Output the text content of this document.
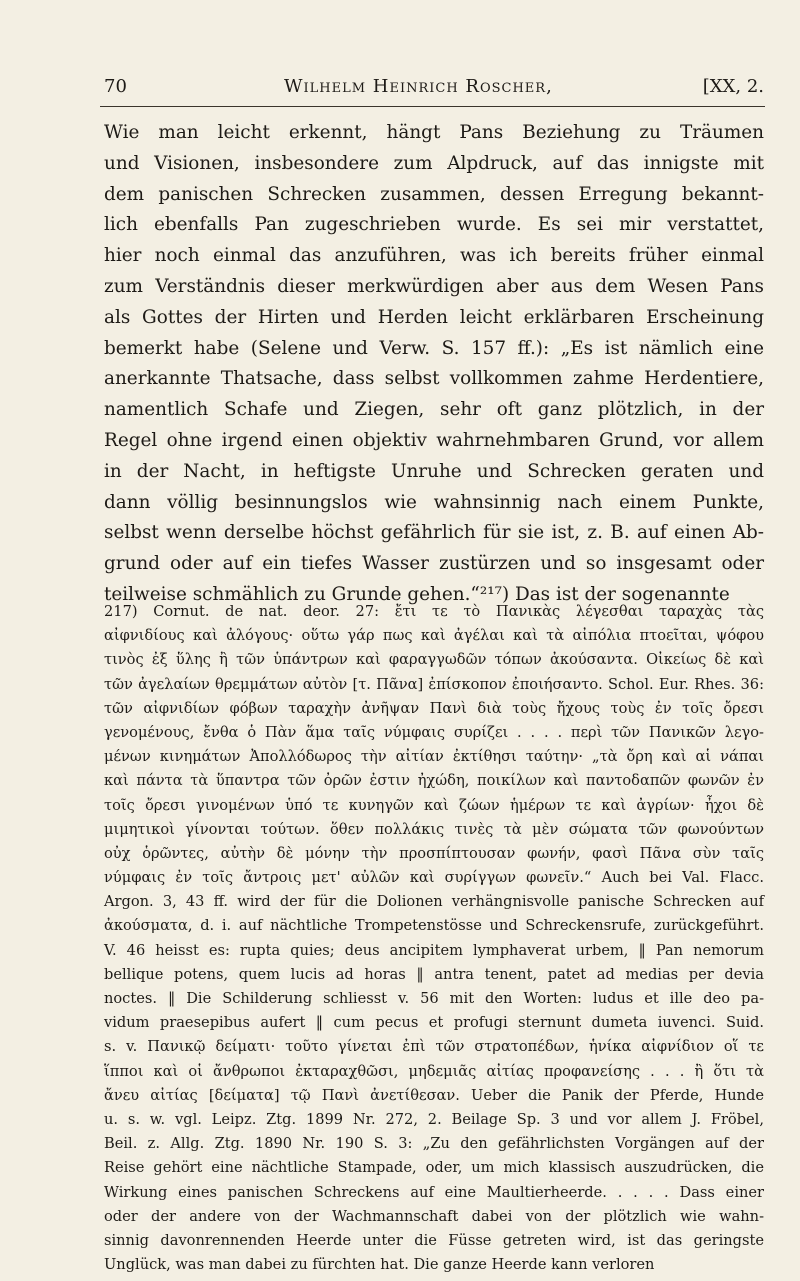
70	Wilhelm Heinrich Roscher,	[XX, 2.
Wie man leicht erkennt, hängt Pans Beziehung zu Träumen
und Visionen, insbesondere zum Alpdruck, auf das innigste mit
dem panischen Schrecken zusammen, dessen Erregung bekannt-
lich ebenfalls Pan zugeschrieben wurde. Es sei mir verstattet,
hier noch einmal das anzuführen, was ich bereits früher einmal
zum Verständnis dieser merkwürdigen aber aus dem Wesen Pans
als Gottes der Hirten und Herden leicht erklärbaren Erscheinung
bemerkt habe (Selene und Verw. S. 157 ff.): „Es ist nämlich eine
anerkannte Thatsache, dass selbst vollkommen zahme Herdentiere,
namentlich Schafe und Ziegen, sehr oft ganz plötzlich, in der
Regel ohne irgend einen objektiv wahrnehmbaren Grund, vor allem
in der Nacht, in heftigste Unruhe und Schrecken geraten und
dann völlig besinnungslos wie wahnsinnig nach einem Punkte,
selbst wenn derselbe höchst gefährlich für sie ist, z. B. auf einen Ab-
grund oder auf ein tiefes Wasser zustürzen und so insgesamt oder
teilweise schmählich zu Grunde gehen.“²¹⁷) Das ist der sogenannte
217) Cornut. de nat. deor. 27: ἔτι τε τὸ Πανικὰς λέγεσθαι ταραχὰς τὰς
αἰφνιδίους καὶ ἀλόγους· οὕτω γάρ πως καὶ ἀγέλαι καὶ τὰ αἰπόλια πτοεῖται, ψόφου
τινὸς ἐξ ὕλης ἢ τῶν ὑπάντρων καὶ φαραγγωδῶν τόπων ἀκούσαντα. Οἰκείως δὲ καὶ
τῶν ἀγελαίων θρεμμάτων αὐτὸν [τ. Πᾶνα] ἐπίσκοπον ἐποιήσαντο. Schol. Eur. Rhes. 36:
τῶν αἰφνιδίων φόβων ταραχὴν ἀνῆψαν Πανὶ διὰ τοὺς ἤχους τοὺς ἐν τοῖς ὄρεσι
γενομένους, ἔνθα ὁ Πὰν ἅμα ταῖς νύμφαις συρίζει . . . . περὶ τῶν Πανικῶν λεγο-
μένων κινημάτων Ἀπολλόδωρος τὴν αἰτίαν ἐκτίθησι ταύτην· „τὰ ὄρη καὶ αἱ νάπαι
καὶ πάντα τὰ ὕπαντρα τῶν ὀρῶν ἐστιν ἠχώδη, ποικίλων καὶ παντοδαπῶν φωνῶν ἐν
τοῖς ὄρεσι γινομένων ὑπό τε κυνηγῶν καὶ ζώων ἡμέρων τε καὶ ἀγρίων· ἦχοι δὲ
μιμητικοὶ γίνονται τούτων. ὅθεν πολλάκις τινὲς τὰ μὲν σώματα τῶν φωνούντων
οὐχ ὁρῶντες, αὐτὴν δὲ μόνην τὴν προσπίπτουσαν φωνήν, φασὶ Πᾶνα σὺν ταῖς
νύμφαις ἐν τοῖς ἄντροις μετ' αὐλῶν καὶ συρίγγων φωνεῖν.“ Auch bei Val. Flacc.
Argon. 3, 43 ff. wird der für die Dolionen verhängnisvolle panische Schrecken auf
ἀκούσματα, d. i. auf nächtliche Trompetenstösse und Schreckensrufe, zurückgeführt.
V. 46 heisst es: rupta quies; deus ancipitem lymphaverat urbem, ‖ Pan nemorum
bellique potens, quem lucis ad horas ‖ antra tenent, patet ad medias per devia
noctes. ‖ Die Schilderung schliesst v. 56 mit den Worten: ludus et ille deo pa-
vidum praesepibus aufert ‖ cum pecus et profugi sternunt dumeta iuvenci. Suid.
s. v. Πανικῷ δείματι· τοῦτο γίνεται ἐπὶ τῶν στρατοπέδων, ἡνίκα αἰφνίδιον οἵ τε
ἵπποι καὶ οἱ ἄνθρωποι ἐκταραχθῶσι, μηδεμιᾶς αἰτίας προφανείσης . . . ἢ ὅτι τὰ
ἄνευ αἰτίας [δείματα] τῷ Πανὶ ἀνετίθεσαν. Ueber die Panik der Pferde, Hunde
u. s. w. vgl. Leipz. Ztg. 1899 Nr. 272, 2. Beilage Sp. 3 und vor allem J. Fröbel,
Beil. z. Allg. Ztg. 1890 Nr. 190 S. 3: „Zu den gefährlichsten Vorgängen auf der
Reise gehört eine nächtliche Stampade, oder, um mich klassisch auszudrücken, die
Wirkung eines panischen Schreckens auf eine Maultierheerde. . . . . Dass einer
oder der andere von der Wachmannschaft dabei von der plötzlich wie wahn-
sinnig davonrennenden Heerde unter die Füsse getreten wird, ist das geringste
Unglück, was man dabei zu fürchten hat. Die ganze Heerde kann verloren
